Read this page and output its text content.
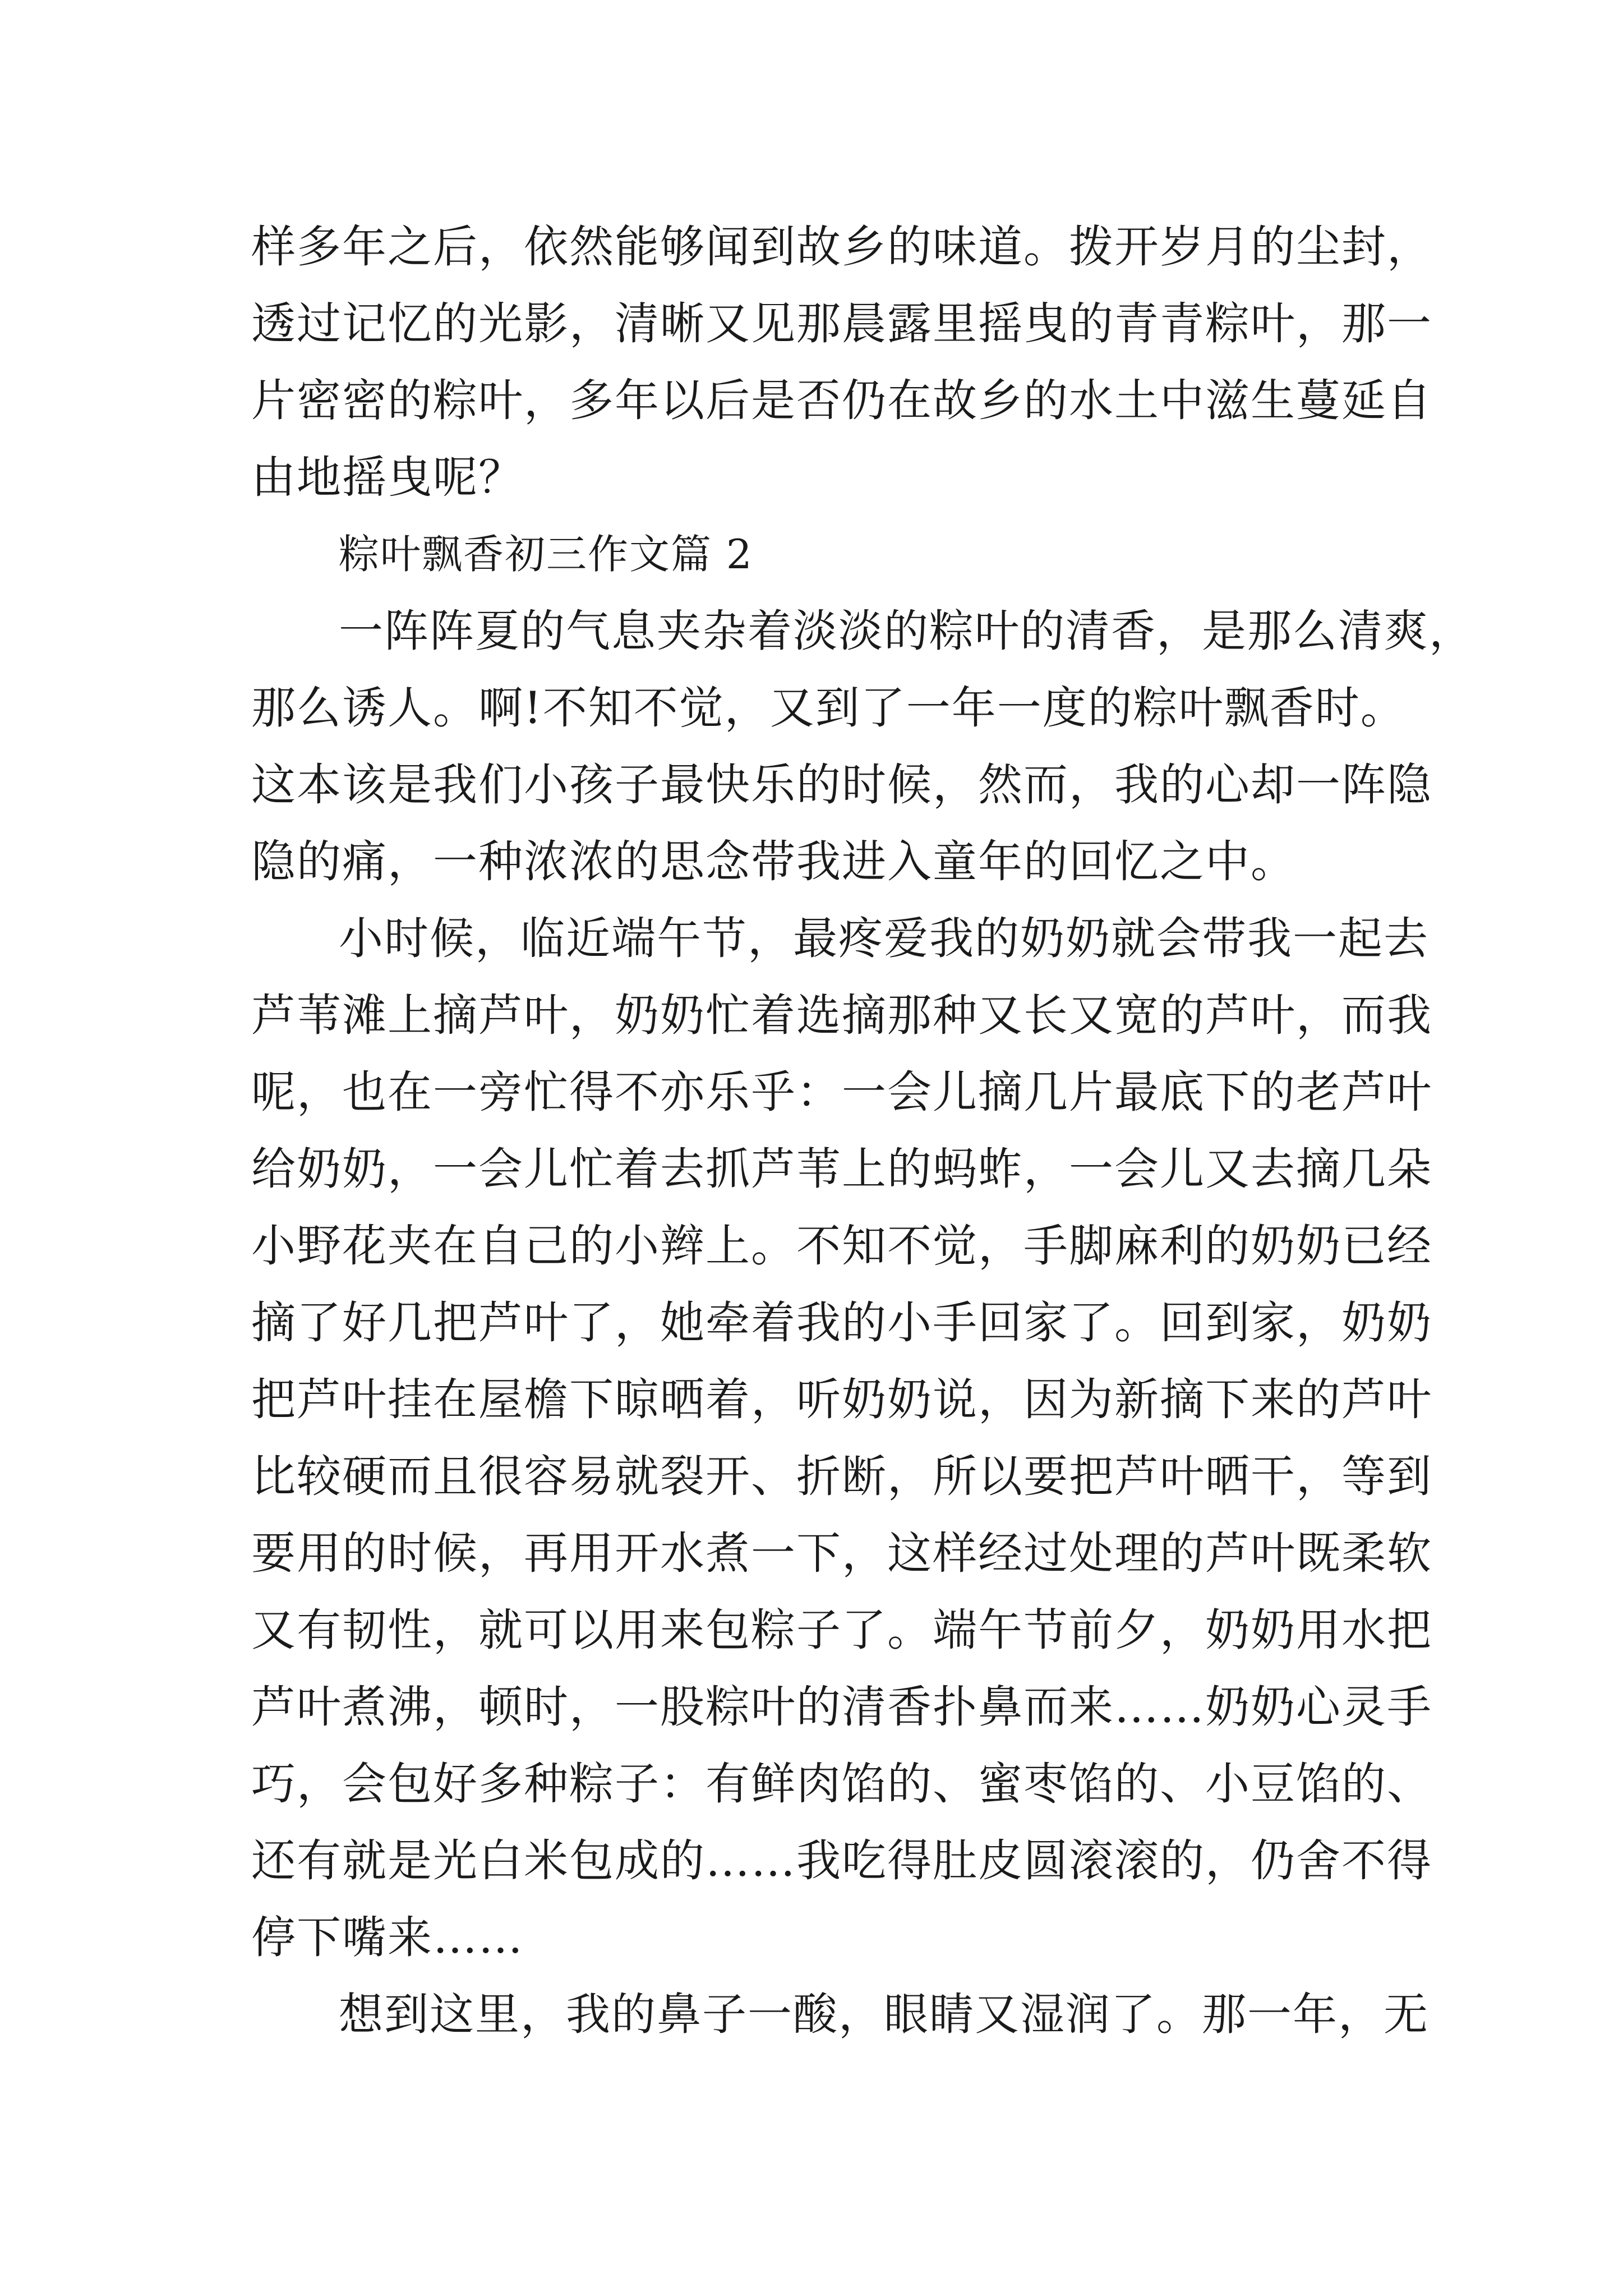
样多年之后，依然能够闻到故乡的味道。拨开岁月的尘封，
透过记忆的光影，清晰又见那晨露里摇曳的青青粽叶，那一
片密密的粽叶，多年以后是否仍在故乡的水土中滋生蔓延自
由地摇曳呢？
粽叶飘香初三作文篇 2
一阵阵夏的气息夹杂着淡淡的粽叶的清香，是那么清爽，
那么诱人。啊!不知不觉，又到了一年一度的粽叶飘香时。
这本该是我们小孩子最快乐的时候，然而，我的心却一阵隐
隐的痛，一种浓浓的思念带我进入童年的回忆之中。
小时候，临近端午节，最疼爱我的奶奶就会带我一起去
芦苇滩上摘芦叶，奶奶忙着选摘那种又长又宽的芦叶，而我
呢，也在一旁忙得不亦乐乎：一会儿摘几片最底下的老芦叶
给奶奶，一会儿忙着去抓芦苇上的蚂蚱，一会儿又去摘几朵
小野花夹在自己的小辫上。不知不觉，手脚麻利的奶奶已经
摘了好几把芦叶了，她牵着我的小手回家了。回到家，奶奶
把芦叶挂在屋檐下晾晒着，听奶奶说，因为新摘下来的芦叶
比较硬而且很容易就裂开、折断，所以要把芦叶晒干，等到
要用的时候，再用开水煮一下，这样经过处理的芦叶既柔软
又有韧性，就可以用来包粽子了。端午节前夕，奶奶用水把
芦叶煮沸，顿时，一股粽叶的清香扑鼻而来……奶奶心灵手
巧，会包好多种粽子：有鲜肉馅的、蜜枣馅的、小豆馅的、
还有就是光白米包成的……我吃得肚皮圆滚滚的，仍舍不得
停下嘴来……
想到这里，我的鼻子一酸，眼睛又湿润了。那一年，无
